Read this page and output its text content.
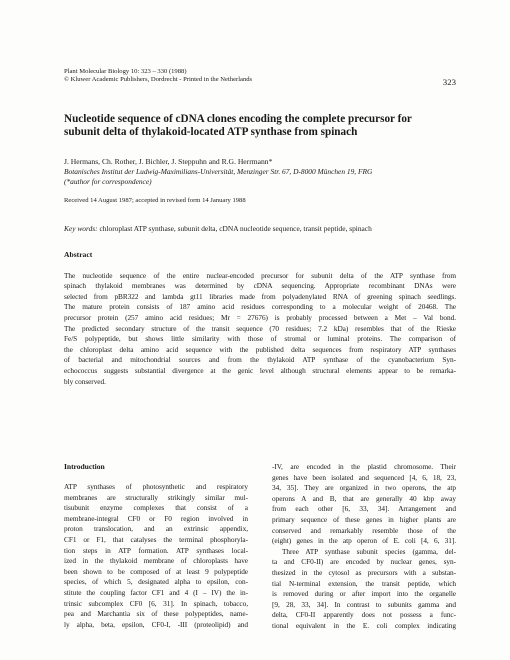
Plant Molecular Biology 10: 323 – 330 (1988)
© Kluwer Academic Publishers, Dordrecht - Printed in the Netherlands	323
Nucleotide sequence of cDNA clones encoding the complete precursor for
subunit delta of thylakoid-located ATP synthase from spinach
J. Hermans, Ch. Rother, J. Bichler, J. Steppuhn and R.G. Herrmann*
Botanisches Institut der Ludwig-Maximilians-Universität, Menzinger Str. 67, D-8000 München 19, FRG
(*author for correspondence)
Received 14 August 1987; accepted in revised form 14 January 1988
Key words: chloroplast ATP synthase, subunit delta, cDNA nucleotide sequence, transit peptide, spinach
Abstract
The nucleotide sequence of the entire nuclear-encoded precursor for subunit delta of the ATP synthase from
spinach thylakoid membranes was determined by cDNA sequencing. Appropriate recombinant DNAs were
selected from pBR322 and lambda gt11 libraries made from polyadenylated RNA of greening spinach seedlings.
The mature protein consists of 187 amino acid residues corresponding to a molecular weight of 20468. The
precursor protein (257 amino acid residues; Mr = 27676) is probably processed between a Met – Val bond.
The predicted secondary structure of the transit sequence (70 residues; 7.2 kDa) resembles that of the Rieske
Fe/S polypeptide, but shows little similarity with those of stromal or luminal proteins. The comparison of
the chloroplast delta amino acid sequence with the published delta sequences from respiratory ATP synthases
of bacterial and mitochondrial sources and from the thylakoid ATP synthase of the cyanobacterium Syn-
echococcus suggests substantial divergence at the genic level although structural elements appear to be remarka-
bly conserved.
Introduction
ATP synthases of photosynthetic and respiratory
membranes are structurally strikingly similar mul-
tisubunit enzyme complexes that consist of a
membrane-integral CF0 or F0 region involved in
proton translocation, and an extrinsic appendix,
CF1 or F1, that catalyses the terminal phosphoryla-
tion steps in ATP formation. ATP synthases local-
ized in the thylakoid membrane of chloroplasts have
been shown to be composed of at least 9 polypeptide
species, of which 5, designated alpha to epsilon, con-
stitute the coupling factor CF1 and 4 (I – IV) the in-
trinsic subcomplex CF0 [6, 31]. In spinach, tobacco,
pea and Marchantia six of these polypeptides, name-
ly alpha, beta, epsilon, CF0-I, -III (proteolipid) and
-IV, are encoded in the plastid chromosome. Their
genes have been isolated and sequenced [4, 6, 18, 23,
34, 35]. They are organized in two operons, the atp
operons A and B, that are generally 40 kbp away
from each other [6, 33, 34]. Arrangement and
primary sequence of these genes in higher plants are
conserved and remarkably resemble those of the
(eight) genes in the atp operon of E. coli [4, 6, 31].
Three ATP synthase subunit species (gamma, del-
ta and CF0-II) are encoded by nuclear genes, syn-
thesized in the cytosol as precursors with a substan-
tial N-terminal extension, the transit peptide, which
is removed during or after import into the organelle
[9, 28, 33, 34]. In contrast to subunits gamma and
delta, CF0-II apparently does not possess a func-
tional equivalent in the E. coli complex indicating
